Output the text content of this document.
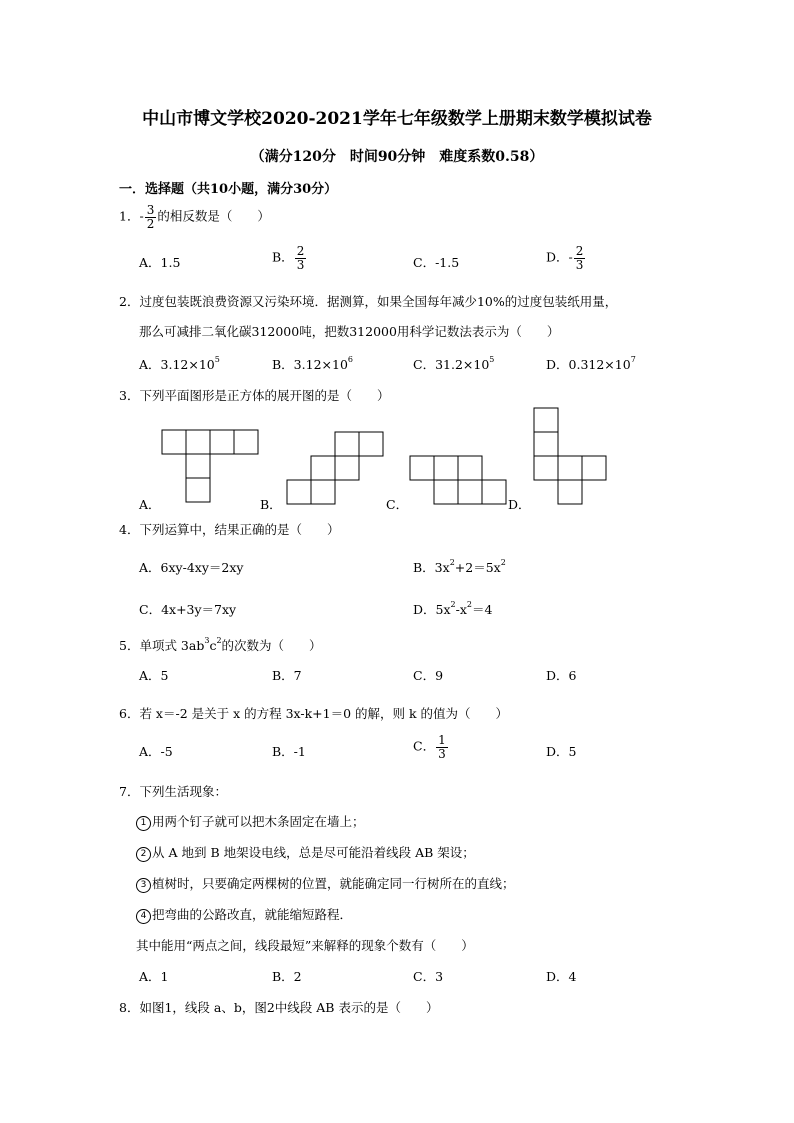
中山市博文学校2020-2021学年七年级数学上册期末数学模拟试卷
（满分120分　时间90分钟　难度系数0.58）
一．选择题（共10小题，满分30分）
1．- $\frac{3}{2}$ 的相反数是（　　）
A．1.5	B． $\frac{2}{3}$	C．-1.5	D．- $\frac{2}{3}$
2．过度包装既浪费资源又污染环境．据测算，如果全国每年减少10%的过度包装纸用量，
那么可减排二氧化碳312000吨，把数312000用科学记数法表示为（　　）
A．$3.12\times 10^5$	B．$3.12\times 10^6$	C．$31.2\times 10^5$	D．$0.312\times 10^7$
3．下列平面图形是正方体的展开图的是（　　）
A．	B．	C．	D．
4．下列运算中，结果正确的是（　　）
A．6xy-4xy＝2xy	B．$3x^2+2=5x^2$
C．4x+3y＝7xy	D．$5x^2-x^2=4$
5．单项式 $3ab^3c^2$的次数为（　　）
A．5	B．7	C．9	D．6
6．若 x＝-2 是关于 x 的方程 3x-k+1＝0 的解，则 k 的值为（　　）
A．-5	B．-1	C． $\frac{1}{3}$	D．5
7．下列生活现象：
1 用两个钉子就可以把木条固定在墙上；
2 从 A 地到 B 地架设电线，总是尽可能沿着线段 AB 架设；
3 植树时，只要确定两棵树的位置，就能确定同一行树所在的直线；
4 把弯曲的公路改直，就能缩短路程．
其中能用“两点之间，线段最短”来解释的现象个数有（　　）
A．1	B．2	C．3	D．4
8．如图1，线段 a、b，图2中线段 AB 表示的是（　　）
